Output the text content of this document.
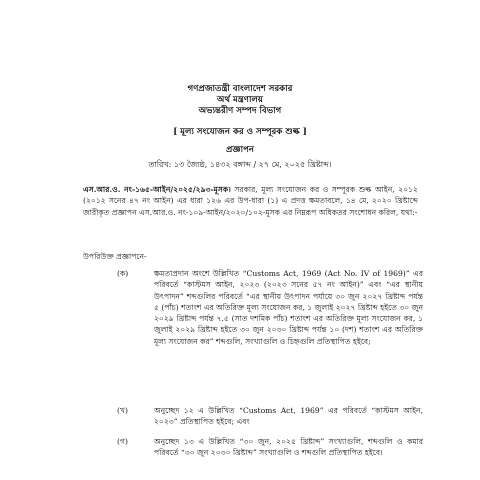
গণপ্রজাতন্ত্রী বাংলাদেশ সরকার
অর্থ মন্ত্রণালয়
অভ্যন্তরীণ সম্পদ বিভাগ
[ মূল্য সংযোজন কর ও সম্পূরক শুল্ক ]
প্রজ্ঞাপন
তারিখ: ১৩ জ্যৈষ্ঠ, ১৪৩২ বঙ্গাব্দ / ২৭ মে, ২০২৫ খ্রিষ্টাব্দ।
এস.আর.ও. নং-১৬৫-আইন/২০২৫/২৯৩-মূসক। সরকার, মূল্য সংযোজন কর ও সম্পূরক শুল্ক আইন, ২০১২ (২০১২ সনের ৪৭ নং আইন) এর ধারা ১২৬ এর উপ-ধারা (১) এ প্রদত্ত ক্ষমতাবলে, ১৪ মে, ২০২০ খ্রিষ্টাব্দে জারীকৃত প্রজ্ঞাপন এস.আর.ও. নং-১০৯-আইন/২০২০/১০২-মূসক এর নিম্নরূপ অধিকতর সংশোধন করিল, যথা:-
উপরিউক্ত প্রজ্ঞাপনে-
(ক)	ক্ষমতাপ্রদান অংশে উল্লিখিত “Customs Act, 1969 (Act No. IV of 1969)” এর পরিবর্তে “কাস্টমস আইন, ২০২৩ (২০২৩ সনের ৫৭ নং আইন)” এবং “এর স্থানীয় উৎপাদন” শব্দগুলির পরিবর্তে “এর স্থানীয় উৎপাদন পর্যায়ে ৩০ জুন ২০২৭ খ্রিষ্টাব্দ পর্যন্ত ৫ (পাঁচ) শতাংশ এর অতিরিক্ত মূল্য সংযোজন কর, ১ জুলাই ২০২৭ খ্রিষ্টাব্দ হইতে ৩০ জুন ২০২৯ খ্রিষ্টাব্দ পর্যন্ত ৭.৫ (সাত দশমিক পাঁচ) শতাংশ এর অতিরিক্ত মূল্য সংযোজন কর, ১ জুলাই ২০২৯ খ্রিষ্টাব্দ হইতে ৩০ জুন ২০৩০ খ্রিষ্টাব্দ পর্যন্ত ১০ (দশ) শতাংশ এর অতিরিক্ত মূল্য সংযোজন কর” শব্দগুলি, সংখ্যাগুলি ও চিহ্নগুলি প্রতিস্থাপিত হইবে;
(খ)	অনুচ্ছেদ ১২ এ উল্লিখিত “Customs Act, 1969” এর পরিবর্তে “কাস্টমস আইন, ২০২৩” প্রতিস্থাপিত হইবে; এবং
(গ)	অনুচ্ছেদ ১৩ এ উল্লিখিত “৩০ জুন, ২০২৫ খ্রিষ্টাব্দ” সংখ্যাগুলি, শব্দগুলি ও কমার পরিবর্তে “৩০ জুন ২০৩০ খ্রিষ্টাব্দ” সংখ্যাগুলি ও শব্দগুলি প্রতিস্থাপিত হইবে।
